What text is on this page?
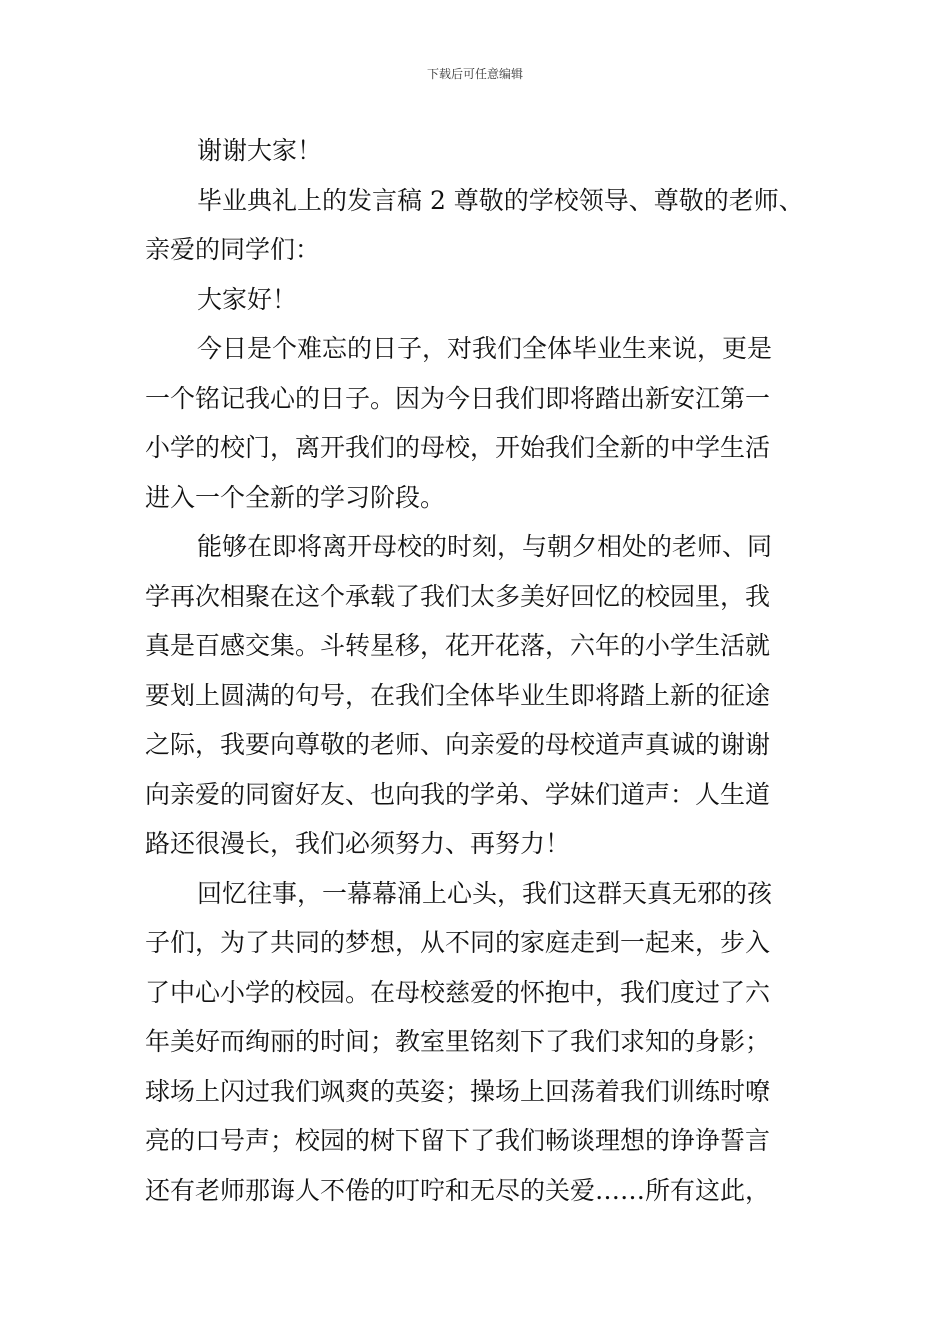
下载后可任意编辑
谢谢大家！
毕业典礼上的发言稿 2 尊敬的学校领导、尊敬的老师、
亲爱的同学们：
大家好！
今日是个难忘的日子，对我们全体毕业生来说，更是
一个铭记我心的日子。因为今日我们即将踏出新安江第一
小学的校门，离开我们的母校，开始我们全新的中学生活
进入一个全新的学习阶段。
能够在即将离开母校的时刻，与朝夕相处的老师、同
学再次相聚在这个承载了我们太多美好回忆的校园里，我
真是百感交集。斗转星移，花开花落，六年的小学生活就
要划上圆满的句号，在我们全体毕业生即将踏上新的征途
之际，我要向尊敬的老师、向亲爱的母校道声真诚的谢谢
向亲爱的同窗好友、也向我的学弟、学妹们道声：人生道
路还很漫长，我们必须努力、再努力！
回忆往事，一幕幕涌上心头，我们这群天真无邪的孩
子们，为了共同的梦想，从不同的家庭走到一起来，步入
了中心小学的校园。在母校慈爱的怀抱中，我们度过了六
年美好而绚丽的时间；教室里铭刻下了我们求知的身影；
球场上闪过我们飒爽的英姿；操场上回荡着我们训练时嘹
亮的口号声；校园的树下留下了我们畅谈理想的诤诤誓言
还有老师那诲人不倦的叮咛和无尽的关爱……所有这此，
